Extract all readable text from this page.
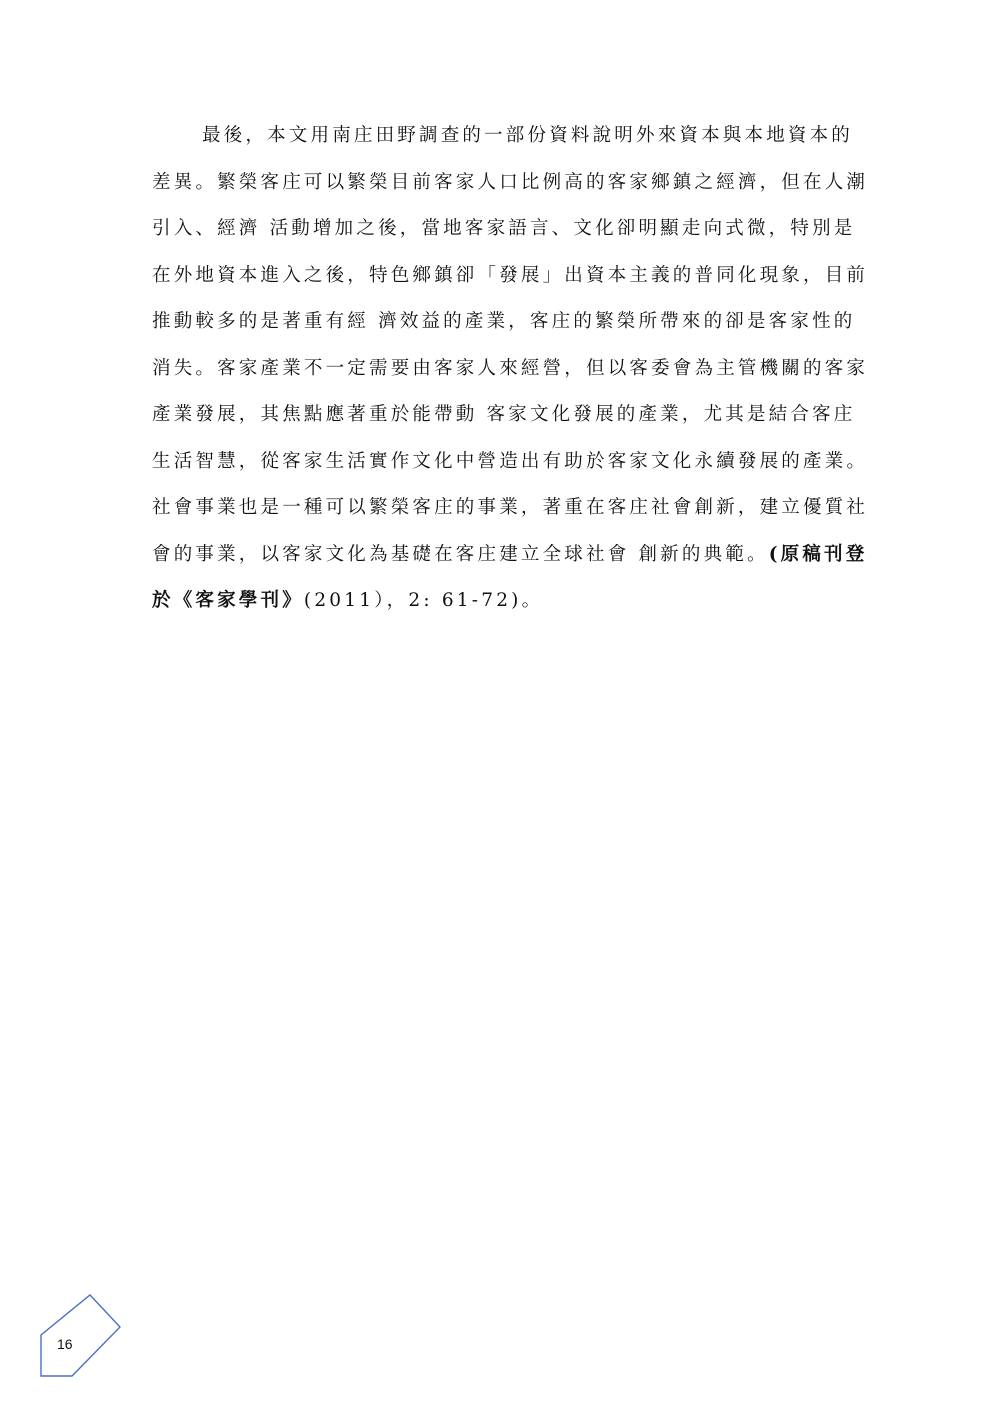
最後，本文用南庄田野調查的一部份資料說明外來資本與本地資本的
差異。繁榮客庄可以繁榮目前客家人口比例高的客家鄉鎮之經濟，但在人潮
引入、經濟 活動增加之後，當地客家語言、文化卻明顯走向式微，特別是
在外地資本進入之後，特色鄉鎮卻「發展」出資本主義的普同化現象，目前
推動較多的是著重有經 濟效益的產業，客庄的繁榮所帶來的卻是客家性的
消失。客家產業不一定需要由客家人來經營，但以客委會為主管機關的客家
產業發展，其焦點應著重於能帶動 客家文化發展的產業，尤其是結合客庄
生活智慧，從客家生活實作文化中營造出有助於客家文化永續發展的產業。
社會事業也是一種可以繁榮客庄的事業，著重在客庄社會創新，建立優質社
會的事業，以客家文化為基礎在客庄建立全球社會 創新的典範。(原稿刊登
於《客家學刊》(2011），2: 61-72)。
16
